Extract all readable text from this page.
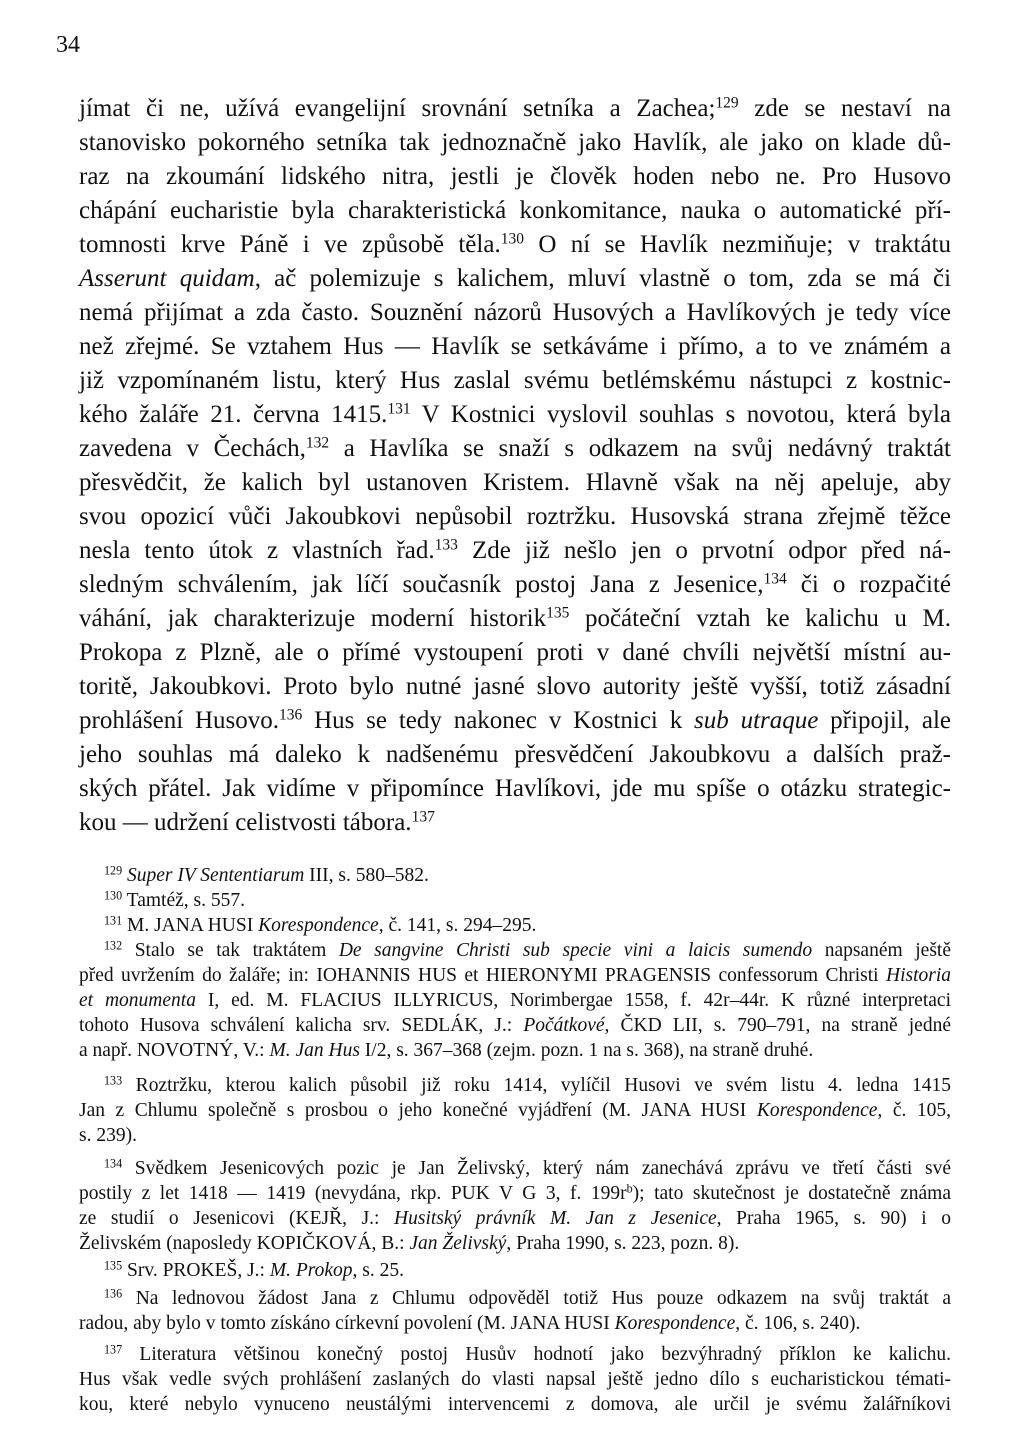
34
jímat či ne, užívá evangelijní srovnání setníka a Zachea;$^{129}$ zde se nestaví na
stanovisko pokorného setníka tak jednoznačně jako Havlík, ale jako on klade dů-
raz na zkoumání lidského nitra, jestli je člověk hoden nebo ne. Pro Husovo
chápání eucharistie byla charakteristická konkomitance, nauka o automatické pří-
tomnosti krve Páně i ve způsobě těla.$^{130}$ O ní se Havlík nezmiňuje; v traktátu
Asserunt quidam, ač polemizuje s kalichem, mluví vlastně o tom, zda se má či
nemá přijímat a zda často. Souznění názorů Husových a Havlíkových je tedy více
než zřejmé. Se vztahem Hus — Havlík se setkáváme i přímo, a to ve známém a
již vzpomínaném listu, který Hus zaslal svému betlémskému nástupci z kostnic-
kého žaláře 21. června 1415.$^{131}$ V Kostnici vyslovil souhlas s novotou, která byla
zavedena v Čechách,$^{132}$ a Havlíka se snaží s odkazem na svůj nedávný traktát
přesvědčit, že kalich byl ustanoven Kristem. Hlavně však na něj apeluje, aby
svou opozicí vůči Jakoubkovi nepůsobil roztržku. Husovská strana zřejmě těžce
nesla tento útok z vlastních řad.$^{133}$ Zde již nešlo jen o prvotní odpor před ná-
sledným schválením, jak líčí současník postoj Jana z Jesenice,$^{134}$ či o rozpačité
váhání, jak charakterizuje moderní historik$^{135}$ počáteční vztah ke kalichu u M.
Prokopa z Plzně, ale o přímé vystoupení proti v dané chvíli největší místní au-
toritě, Jakoubkovi. Proto bylo nutné jasné slovo autority ještě vyšší, totiž zásadní
prohlášení Husovo.$^{136}$ Hus se tedy nakonec v Kostnici k sub utraque připojil, ale
jeho souhlas má daleko k nadšenému přesvědčení Jakoubkovu a dalších praž-
ských přátel. Jak vidíme v připomínce Havlíkovi, jde mu spíše o otázku strategic-
kou — udržení celistvosti tábora.$^{137}$
$^{129}$ Super IV Sententiarum III, s. 580–582.
$^{130}$ Tamtéž, s. 557.
$^{131}$ M. JANA HUSI Korespondence, č. 141, s. 294–295.
$^{132}$ Stalo se tak traktátem De sangvine Christi sub specie vini a laicis sumendo napsaném ještě
před uvržením do žaláře; in: IOHANNIS HUS et HIERONYMI PRAGENSIS confessorum Christi Historia
et monumenta I, ed. M. FLACIUS ILLYRICUS, Norimbergae 1558, f. 42r–44r. K různé interpretaci
tohoto Husova schválení kalicha srv. SEDLÁK, J.: Počátkové, ČKD LII, s. 790–791, na straně jedné
a např. NOVOTNÝ, V.: M. Jan Hus I/2, s. 367–368 (zejm. pozn. 1 na s. 368), na straně druhé.
$^{133}$ Roztržku, kterou kalich působil již roku 1414, vylíčil Husovi ve svém listu 4. ledna 1415
Jan z Chlumu společně s prosbou o jeho konečné vyjádření (M. JANA HUSI Korespondence, č. 105,
s. 239).
$^{134}$ Svědkem Jesenicových pozic je Jan Želivský, který nám zanechává zprávu ve třetí části své
postily z let 1418 — 1419 (nevydána, rkp. PUK V G 3, f. $199r^b$); tato skutečnost je dostatečně známa
ze studií o Jesenicovi (KEJŘ, J.: Husitský právník M. Jan z Jesenice, Praha 1965, s. 90) i o
Želivském (naposledy KOPIČKOVÁ, B.: Jan Želivský, Praha 1990, s. 223, pozn. 8).
$^{135}$ Srv. PROKEŠ, J.: M. Prokop, s. 25.
$^{136}$ Na lednovou žádost Jana z Chlumu odpověděl totiž Hus pouze odkazem na svůj traktát a
radou, aby bylo v tomto získáno církevní povolení (M. JANA HUSI Korespondence, č. 106, s. 240).
$^{137}$ Literatura většinou konečný postoj Husův hodnotí jako bezvýhradný příklon ke kalichu.
Hus však vedle svých prohlášení zaslaných do vlasti napsal ještě jedno dílo s eucharistickou témati-
kou, které nebylo vynuceno neustálými intervencemi z domova, ale určil je svému žalářníkovi
